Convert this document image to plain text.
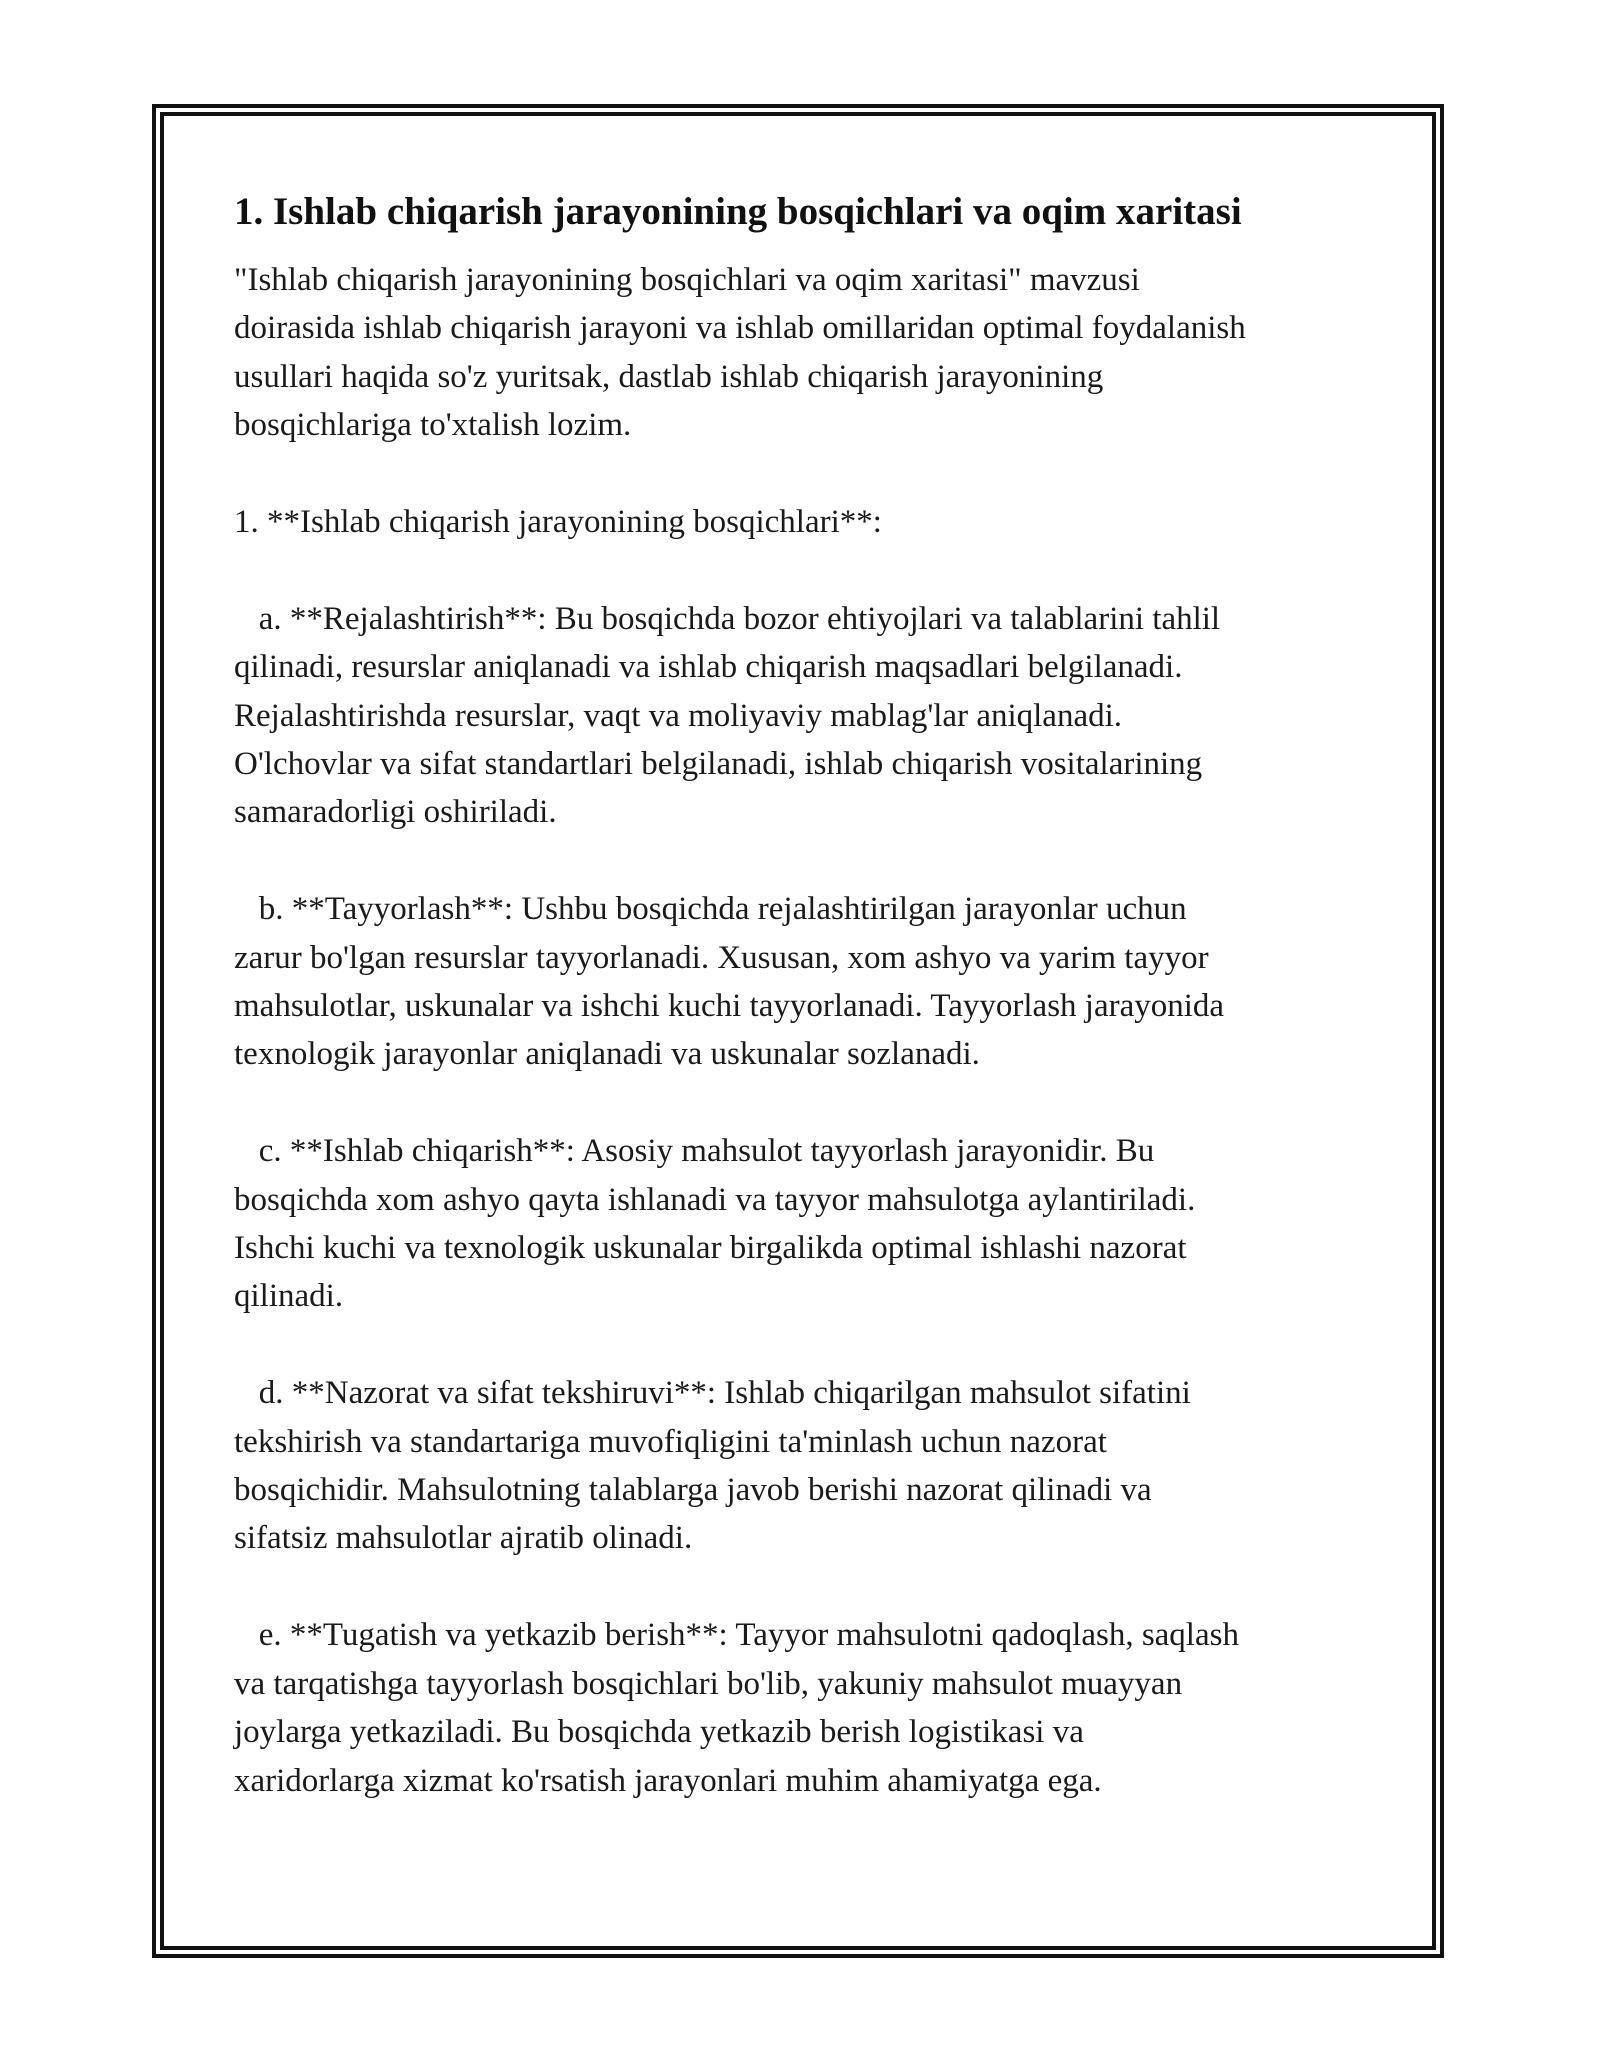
1. Ishlab chiqarish jarayonining bosqichlari va oqim xaritasi

"Ishlab chiqarish jarayonining bosqichlari va oqim xaritasi" mavzusi
doirasida ishlab chiqarish jarayoni va ishlab omillaridan optimal foydalanish
usullari haqida so'z yuritsak, dastlab ishlab chiqarish jarayonining
bosqichlariga to'xtalish lozim.

1. **Ishlab chiqarish jarayonining bosqichlari**:

a. **Rejalashtirish**: Bu bosqichda bozor ehtiyojlari va talablarini tahlil
qilinadi, resurslar aniqlanadi va ishlab chiqarish maqsadlari belgilanadi.
Rejalashtirishda resurslar, vaqt va moliyaviy mablag'lar aniqlanadi.
O'lchovlar va sifat standartlari belgilanadi, ishlab chiqarish vositalarining
samaradorligi oshiriladi.

b. **Tayyorlash**: Ushbu bosqichda rejalashtirilgan jarayonlar uchun
zarur bo'lgan resurslar tayyorlanadi. Xususan, xom ashyo va yarim tayyor
mahsulotlar, uskunalar va ishchi kuchi tayyorlanadi. Tayyorlash jarayonida
texnologik jarayonlar aniqlanadi va uskunalar sozlanadi.

c. **Ishlab chiqarish**: Asosiy mahsulot tayyorlash jarayonidir. Bu
bosqichda xom ashyo qayta ishlanadi va tayyor mahsulotga aylantiriladi.
Ishchi kuchi va texnologik uskunalar birgalikda optimal ishlashi nazorat
qilinadi.

d. **Nazorat va sifat tekshiruvi**: Ishlab chiqarilgan mahsulot sifatini
tekshirish va standartariga muvofiqligini ta'minlash uchun nazorat
bosqichidir. Mahsulotning talablarga javob berishi nazorat qilinadi va
sifatsiz mahsulotlar ajratib olinadi.

e. **Tugatish va yetkazib berish**: Tayyor mahsulotni qadoqlash, saqlash
va tarqatishga tayyorlash bosqichlari bo'lib, yakuniy mahsulot muayyan
joylarga yetkaziladi. Bu bosqichda yetkazib berish logistikasi va
xaridorlarga xizmat ko'rsatish jarayonlari muhim ahamiyatga ega.
